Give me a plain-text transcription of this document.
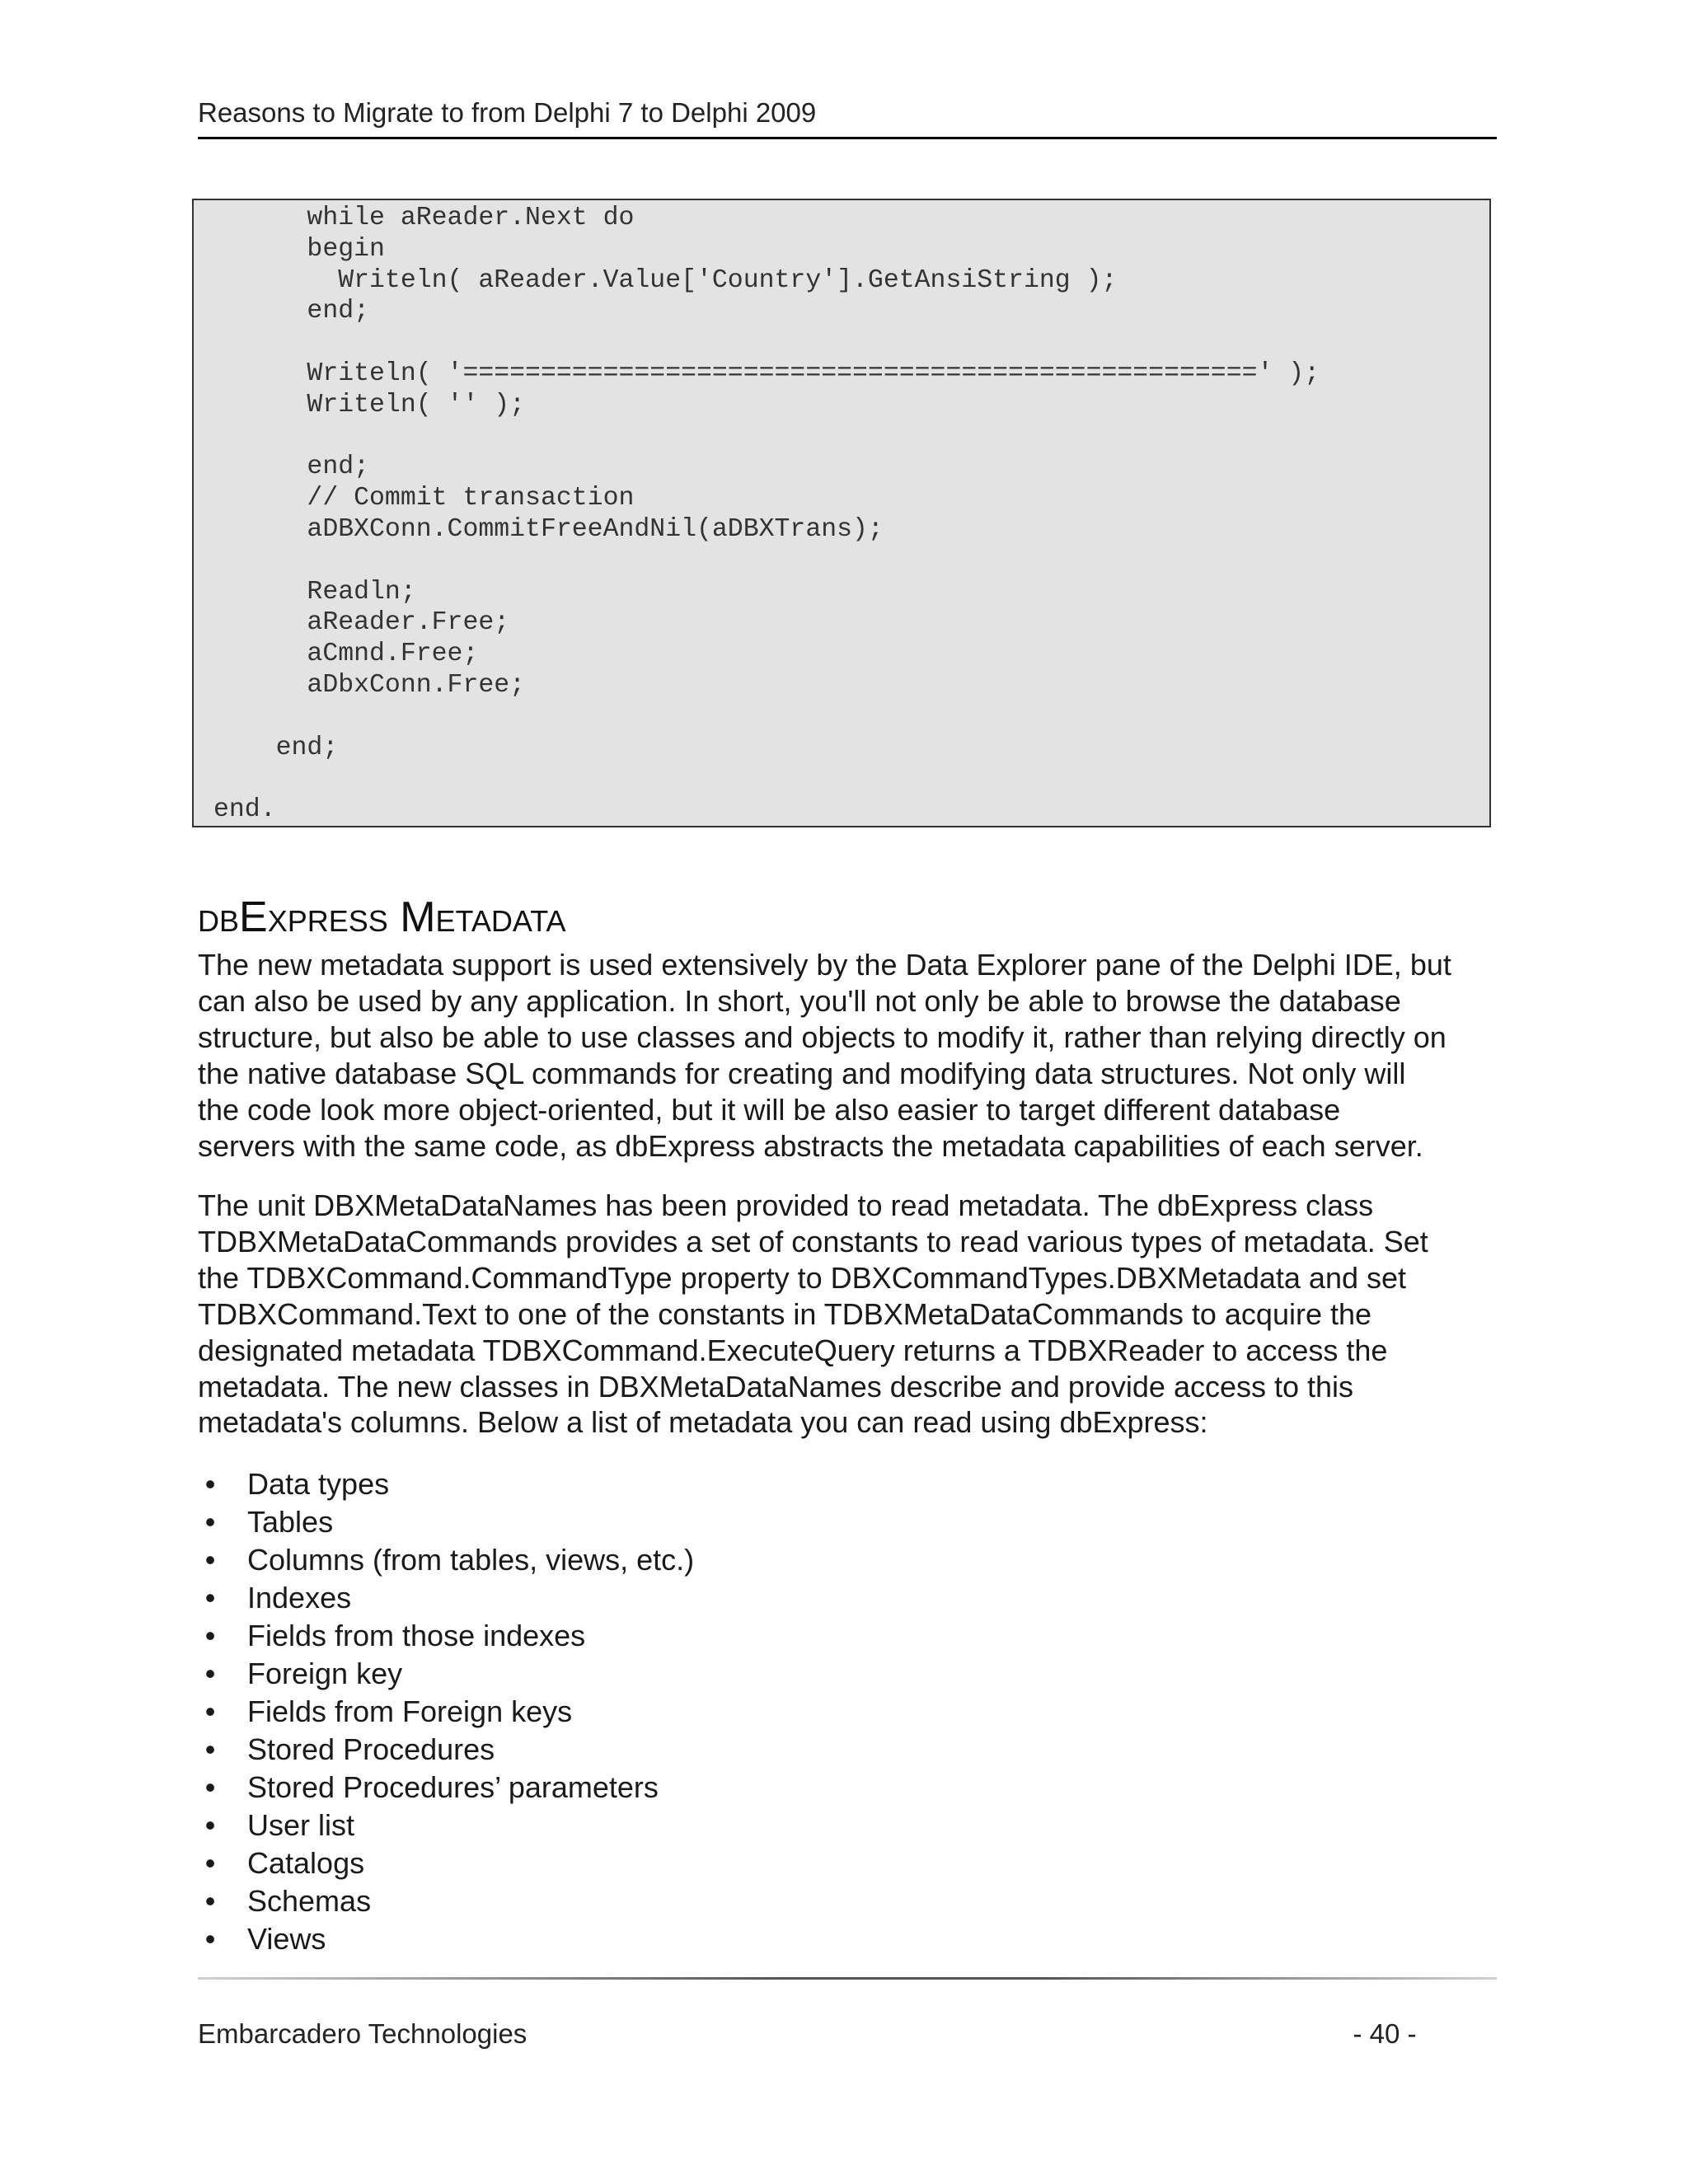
Reasons to Migrate to from Delphi 7 to Delphi 2009
while aReader.Next do
begin
Writeln( aReader.Value['Country'].GetAnsiString );
end;

Writeln( '===================================================' );
Writeln( '' );

end;
// Commit transaction
aDBXConn.CommitFreeAndNil(aDBXTrans);

Readln;
aReader.Free;
aCmnd.Free;
aDbxConn.Free;

end;

end.

dbExpress Metadata

The new metadata support is used extensively by the Data Explorer pane of the Delphi IDE, but
can also be used by any application. In short, you'll not only be able to browse the database
structure, but also be able to use classes and objects to modify it, rather than relying directly on
the native database SQL commands for creating and modifying data structures. Not only will
the code look more object-oriented, but it will be also easier to target different database
servers with the same code, as dbExpress abstracts the metadata capabilities of each server.

The unit DBXMetaDataNames has been provided to read metadata. The dbExpress class
TDBXMetaDataCommands provides a set of constants to read various types of metadata. Set
the TDBXCommand.CommandType property to DBXCommandTypes.DBXMetadata and set
TDBXCommand.Text to one of the constants in TDBXMetaDataCommands to acquire the
designated metadata TDBXCommand.ExecuteQuery returns a TDBXReader to access the
metadata. The new classes in DBXMetaDataNames describe and provide access to this
metadata's columns. Below a list of metadata you can read using dbExpress:

• Data types
• Tables
• Columns (from tables, views, etc.)
• Indexes
• Fields from those indexes
• Foreign key
• Fields from Foreign keys
• Stored Procedures
• Stored Procedures’ parameters
• User list
• Catalogs
• Schemas
• Views
Embarcadero Technologies	- 40 -
